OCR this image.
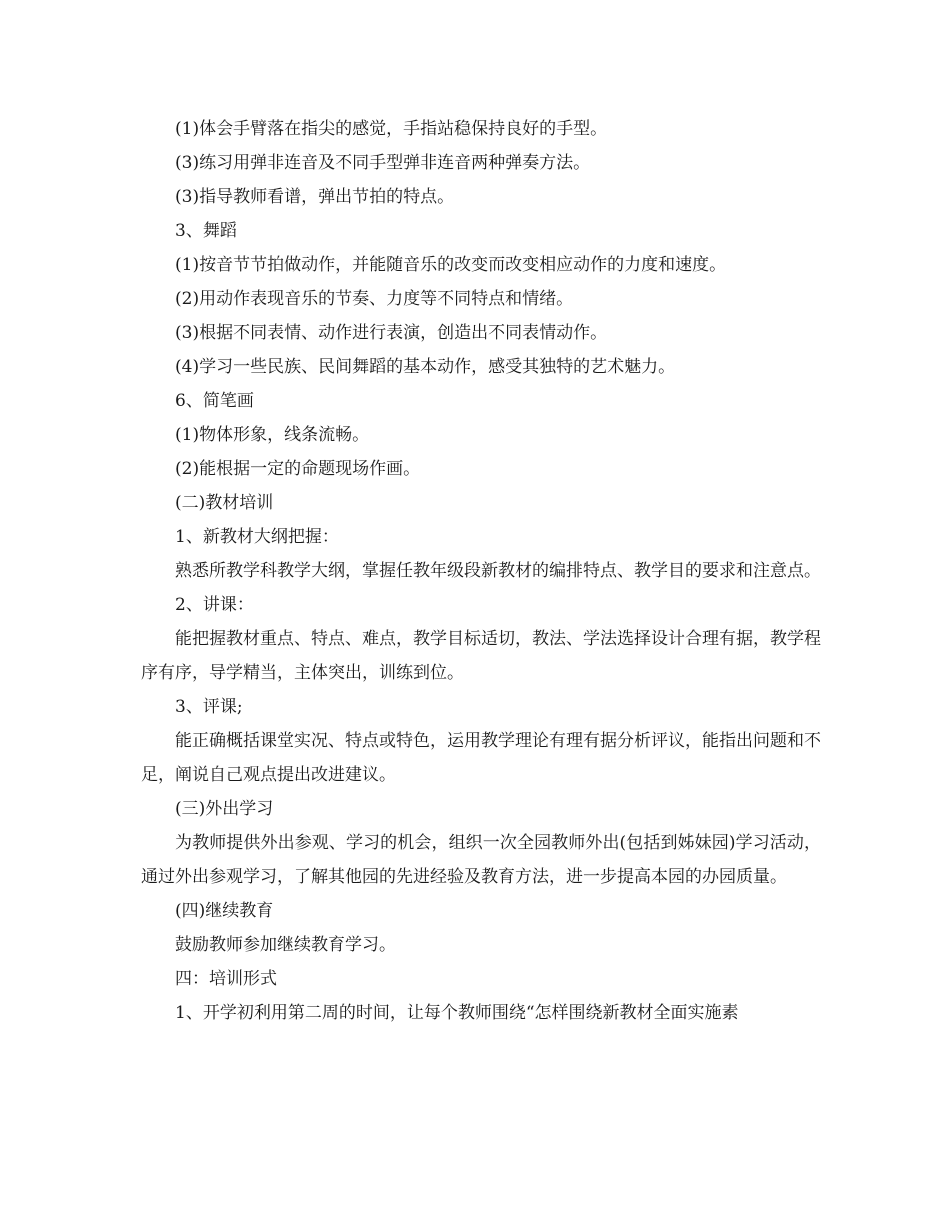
(1)体会手臂落在指尖的感觉，手指站稳保持良好的手型。

(3)练习用弹非连音及不同手型弹非连音两种弹奏方法。

(3)指导教师看谱，弹出节拍的特点。

3、舞蹈

(1)按音节节拍做动作，并能随音乐的改变而改变相应动作的力度和速度。

(2)用动作表现音乐的节奏、力度等不同特点和情绪。

(3)根据不同表情、动作进行表演，创造出不同表情动作。

(4)学习一些民族、民间舞蹈的基本动作，感受其独特的艺术魅力。

6、简笔画

(1)物体形象，线条流畅。

(2)能根据一定的命题现场作画。

(二)教材培训

1、新教材大纲把握：

熟悉所教学科教学大纲，掌握任教年级段新教材的编排特点、教学目的要求和注意点。

2、讲课：

能把握教材重点、特点、难点，教学目标适切，教法、学法选择设计合理有据，教学程序有序，导学精当，主体突出，训练到位。

3、评课;

能正确概括课堂实况、特点或特色，运用教学理论有理有据分析评议，能指出问题和不足，阐说自己观点提出改进建议。

(三)外出学习

为教师提供外出参观、学习的机会，组织一次全园教师外出(包括到姊妹园)学习活动，通过外出参观学习，了解其他园的先进经验及教育方法，进一步提高本园的办园质量。

(四)继续教育

鼓励教师参加继续教育学习。

四：培训形式

1、开学初利用第二周的时间，让每个教师围绕“怎样围绕新教材全面实施素
